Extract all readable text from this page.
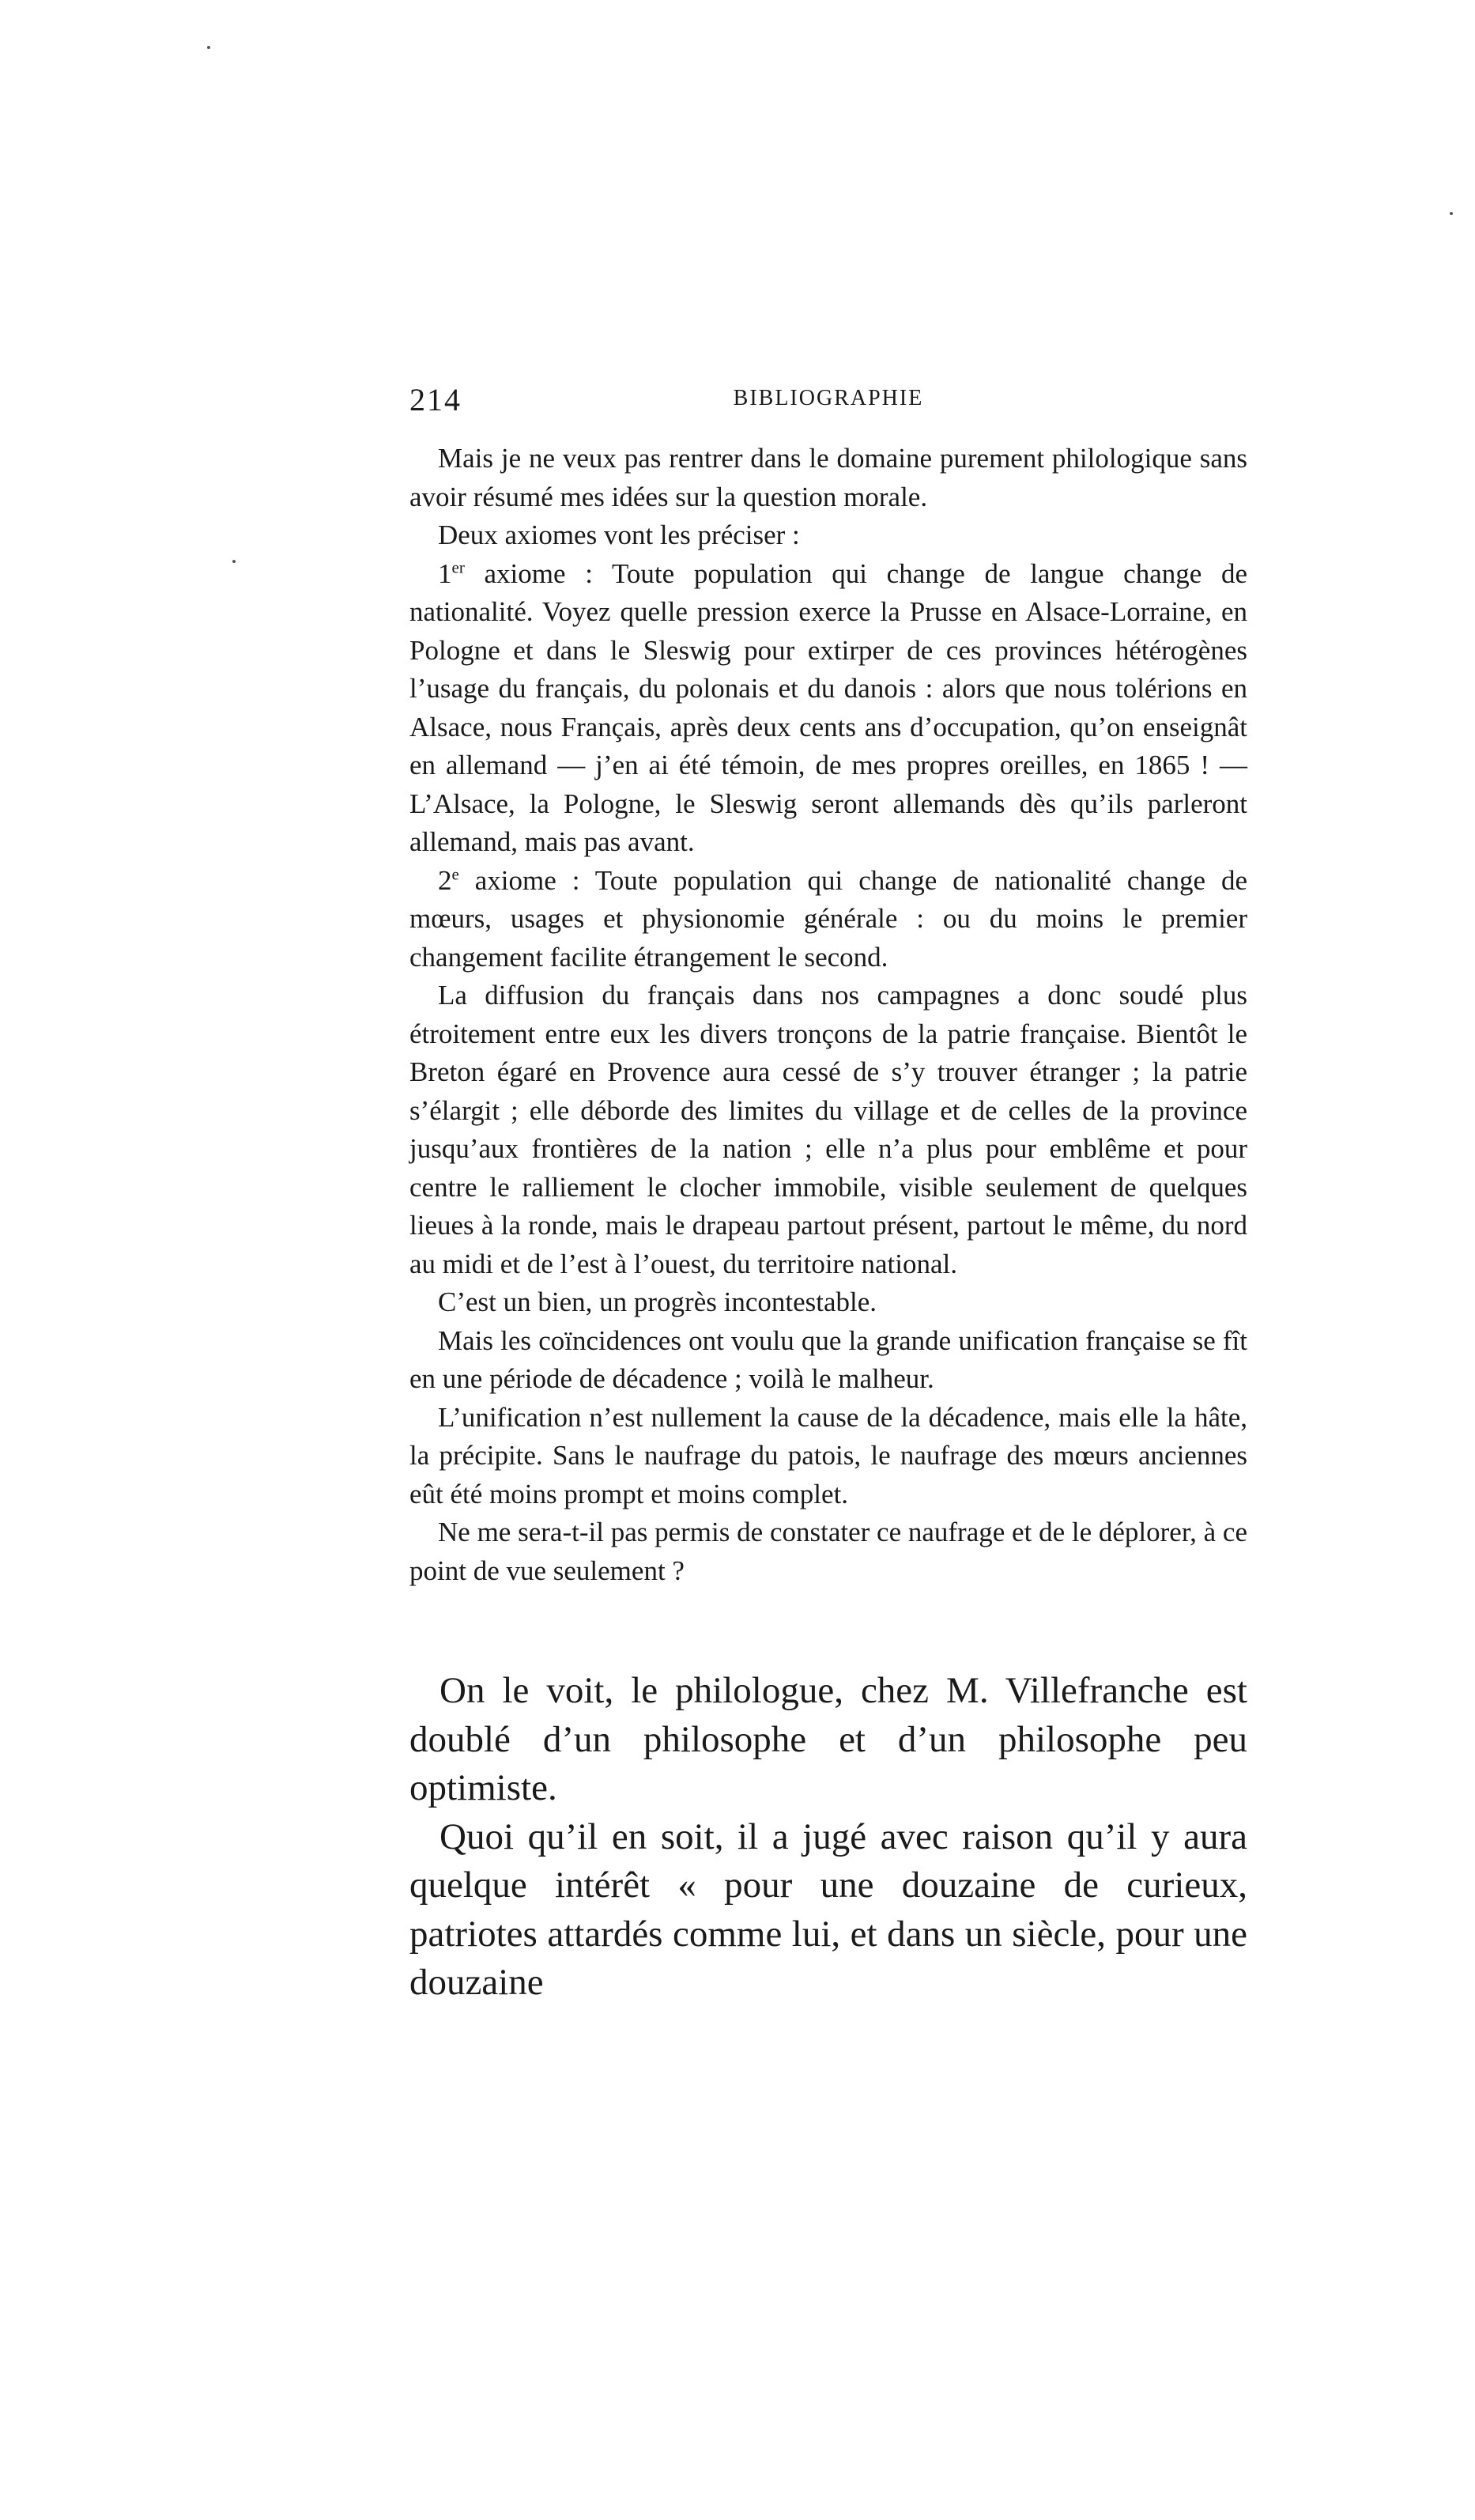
214	BIBLIOGRAPHIE

Mais je ne veux pas rentrer dans le domaine purement philologique sans avoir résumé mes idées sur la question morale.

Deux axiomes vont les préciser :

1er axiome : Toute population qui change de langue change de nationalité. Voyez quelle pression exerce la Prusse en Alsace-Lorraine, en Pologne et dans le Sleswig pour extirper de ces provinces hétérogènes l’usage du français, du polonais et du danois : alors que nous tolérions en Alsace, nous Français, après deux cents ans d’occupation, qu’on enseignât en allemand — j’en ai été témoin, de mes propres oreilles, en 1865 ! — L’Alsace, la Pologne, le Sleswig seront allemands dès qu’ils parleront allemand, mais pas avant.

2e axiome : Toute population qui change de nationalité change de mœurs, usages et physionomie générale : ou du moins le premier changement facilite étrangement le second.

La diffusion du français dans nos campagnes a donc soudé plus étroitement entre eux les divers tronçons de la patrie française. Bientôt le Breton égaré en Provence aura cessé de s’y trouver étranger ; la patrie s’élargit ; elle déborde des limites du village et de celles de la province jusqu’aux frontières de la nation ; elle n’a plus pour emblême et pour centre le ralliement le clocher immobile, visible seulement de quelques lieues à la ronde, mais le drapeau partout présent, partout le même, du nord au midi et de l’est à l’ouest, du territoire national.

C’est un bien, un progrès incontestable.

Mais les coïncidences ont voulu que la grande unification française se fît en une période de décadence ; voilà le malheur.

L’unification n’est nullement la cause de la décadence, mais elle la hâte, la précipite. Sans le naufrage du patois, le naufrage des mœurs anciennes eût été moins prompt et moins complet.

Ne me sera-t-il pas permis de constater ce naufrage et de le déplorer, à ce point de vue seulement ?

On le voit, le philologue, chez M. Villefranche est doublé d’un philosophe et d’un philosophe peu optimiste.

Quoi qu’il en soit, il a jugé avec raison qu’il y aura quelque intérêt « pour une douzaine de curieux, patriotes attardés comme lui, et dans un siècle, pour une douzaine
